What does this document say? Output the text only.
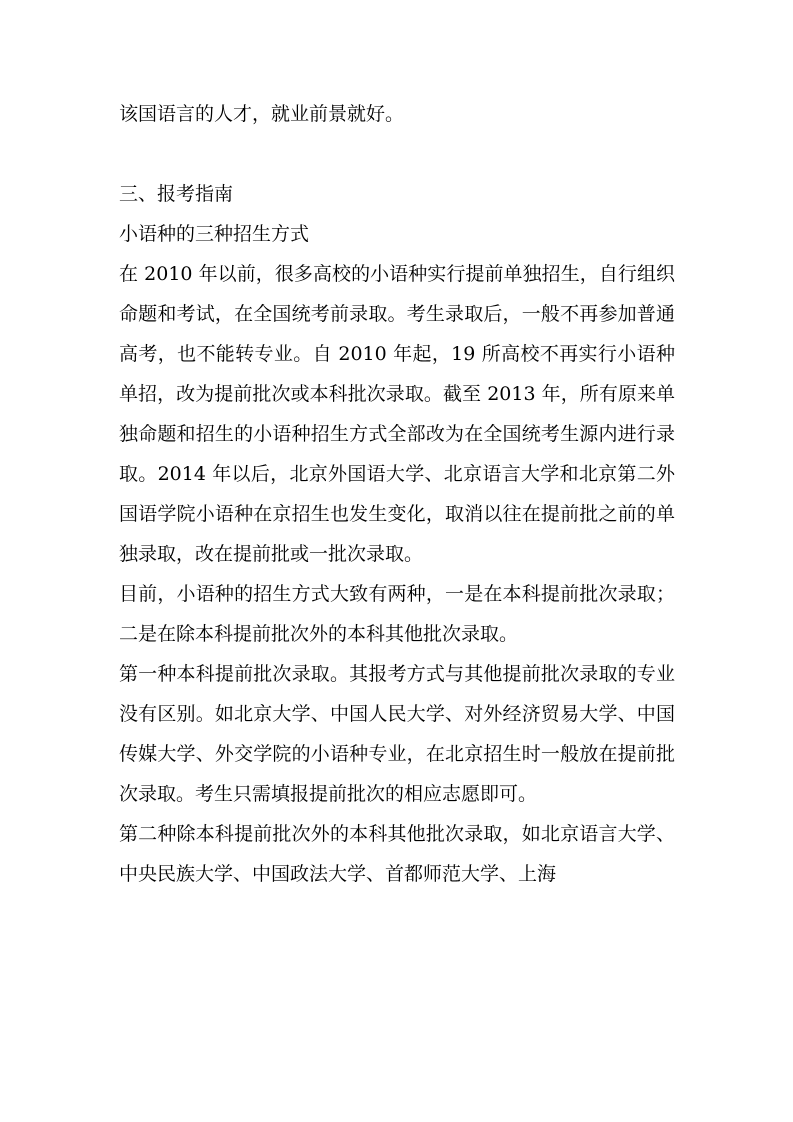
该国语言的人才，就业前景就好。

三、报考指南

小语种的三种招生方式

在 2010 年以前，很多高校的小语种实行提前单独招生，自行组织命题和考试，在全国统考前录取。考生录取后，一般不再参加普通高考，也不能转专业。自 2010 年起，19 所高校不再实行小语种单招，改为提前批次或本科批次录取。截至 2013 年，所有原来单独命题和招生的小语种招生方式全部改为在全国统考生源内进行录取。2014 年以后，北京外国语大学、北京语言大学和北京第二外国语学院小语种在京招生也发生变化，取消以往在提前批之前的单独录取，改在提前批或一批次录取。

目前，小语种的招生方式大致有两种，一是在本科提前批次录取；二是在除本科提前批次外的本科其他批次录取。

第一种本科提前批次录取。其报考方式与其他提前批次录取的专业没有区别。如北京大学、中国人民大学、对外经济贸易大学、中国传媒大学、外交学院的小语种专业，在北京招生时一般放在提前批次录取。考生只需填报提前批次的相应志愿即可。

第二种除本科提前批次外的本科其他批次录取，如北京语言大学、中央民族大学、中国政法大学、首都师范大学、上海
